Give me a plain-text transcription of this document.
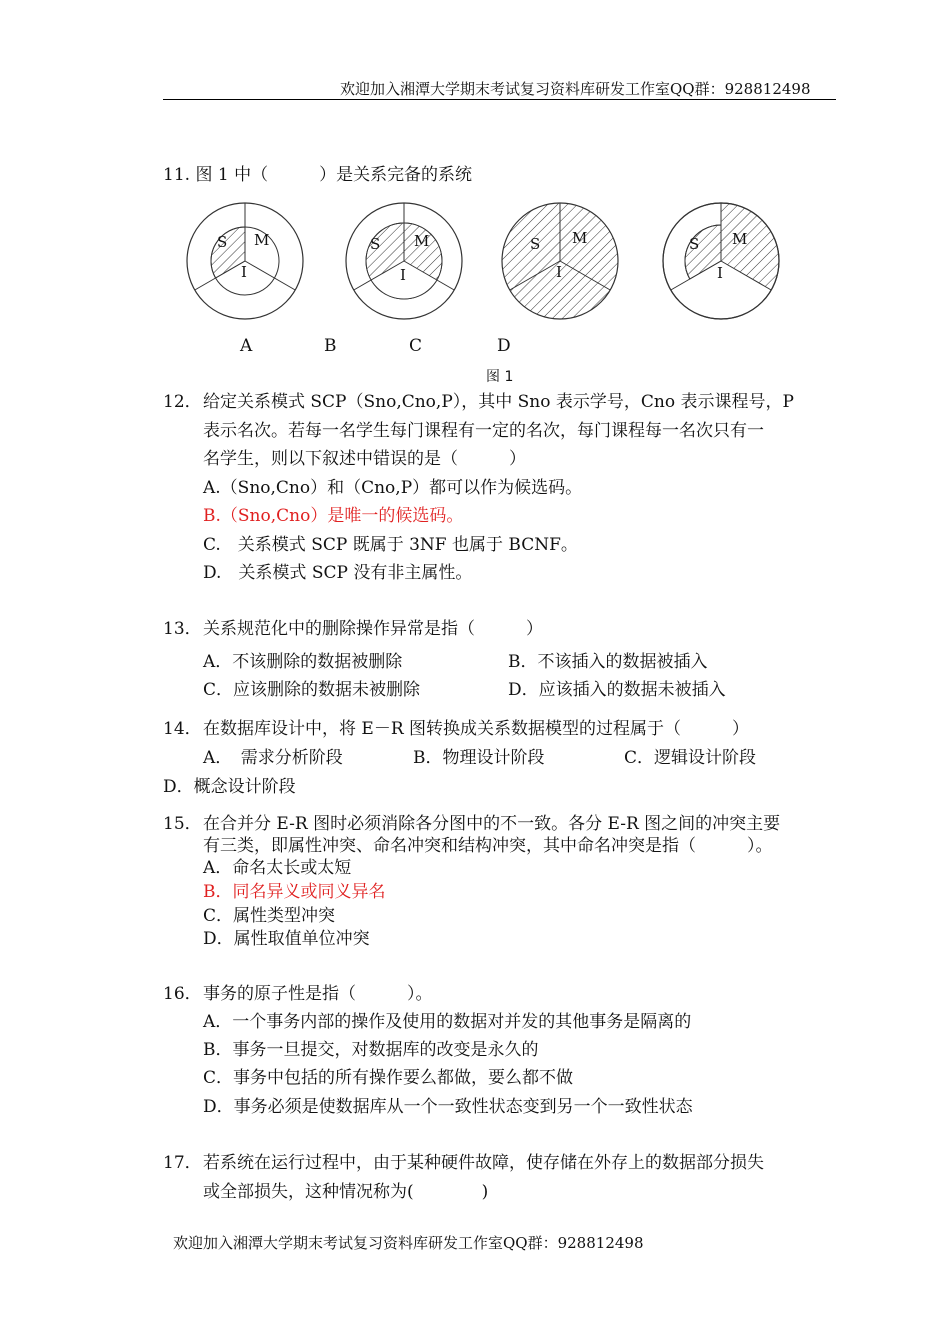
欢迎加入湘潭大学期末考试复习资料库研发工作室QQ群：928812498
11. 图 1 中（　　　）是关系完备的系统
S M
I
S M
I
S M
I
S M
I
A	B	C	D
图 1
12． 给定关系模式 SCP（Sno,Cno,P），其中 Sno 表示学号，Cno 表示课程号，P
表示名次。若每一名学生每门课程有一定的名次，每门课程每一名次只有一
名学生，则以下叙述中错误的是（　　　）
A.（Sno,Cno）和（Cno,P）都可以作为候选码。
B.（Sno,Cno）是唯一的候选码。
C.　关系模式 SCP 既属于 3NF 也属于 BCNF。
D.　关系模式 SCP 没有非主属性。
13． 关系规范化中的删除操作异常是指（　　　）
A．不该删除的数据被删除	B．不该插入的数据被插入
C．应该删除的数据未被删除	D．应该插入的数据未被插入
14． 在数据库设计中，将 E－R 图转换成关系数据模型的过程属于（　　　）
A．　需求分析阶段	B．物理设计阶段	C．逻辑设计阶段
D．概念设计阶段
15． 在合并分 E-R 图时必须消除各分图中的不一致。各分 E-R 图之间的冲突主要
有三类，即属性冲突、命名冲突和结构冲突，其中命名冲突是指（　　　）。
A．命名太长或太短
B．同名异义或同义异名
C．属性类型冲突
D．属性取值单位冲突
16． 事务的原子性是指（　　　）。
A．一个事务内部的操作及使用的数据对并发的其他事务是隔离的
B．事务一旦提交，对数据库的改变是永久的
C．事务中包括的所有操作要么都做，要么都不做
D．事务必须是使数据库从一个一致性状态变到另一个一致性状态
17． 若系统在运行过程中，由于某种硬件故障，使存储在外存上的数据部分损失
或全部损失，这种情况称为(　　　　)
欢迎加入湘潭大学期末考试复习资料库研发工作室QQ群：928812498
